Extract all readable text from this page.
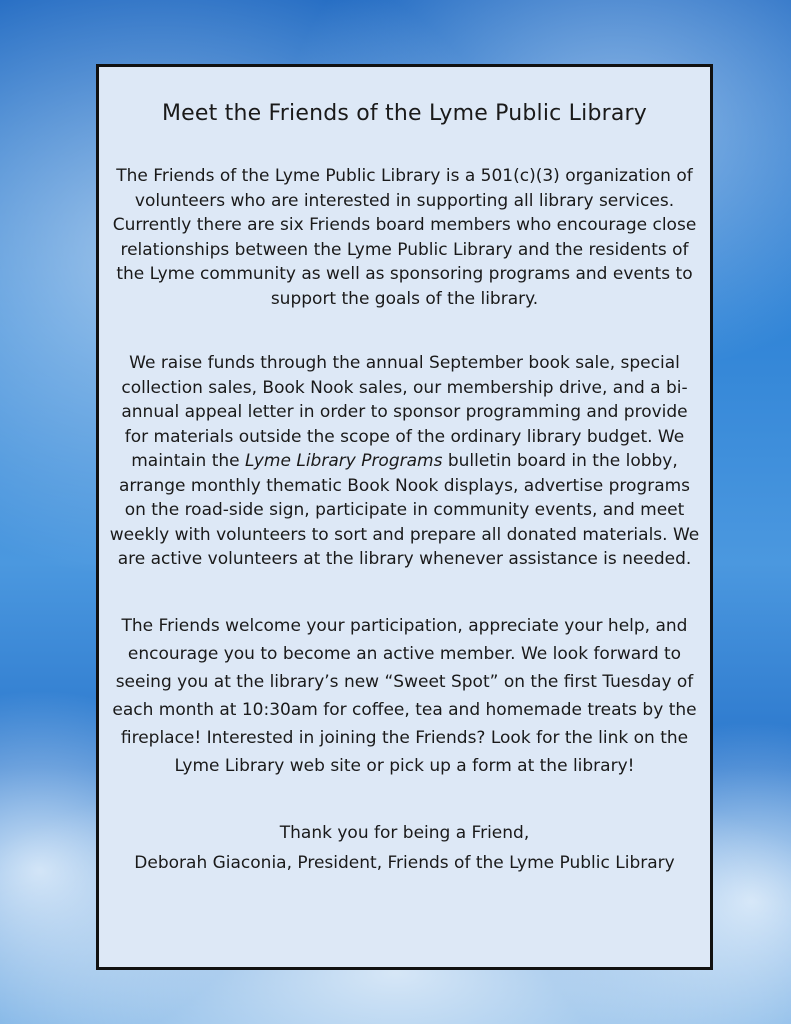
Meet the Friends of the Lyme Public Library

The Friends of the Lyme Public Library is a 501(c)(3) organization of volunteers who are interested in supporting all library services. Currently there are six Friends board members who encourage close relationships between the Lyme Public Library and the residents of the Lyme community as well as sponsoring programs and events to support the goals of the library.

We raise funds through the annual September book sale, special collection sales, Book Nook sales, our membership drive, and a bi-annual appeal letter in order to sponsor programming and provide for materials outside the scope of the ordinary library budget. We maintain the Lyme Library Programs bulletin board in the lobby, arrange monthly thematic Book Nook displays, advertise programs on the road-side sign, participate in community events, and meet weekly with volunteers to sort and prepare all donated materials. We are active volunteers at the library whenever assistance is needed.

The Friends welcome your participation, appreciate your help, and encourage you to become an active member. We look forward to seeing you at the library’s new “Sweet Spot” on the first Tuesday of each month at 10:30am for coffee, tea and homemade treats by the fireplace! Interested in joining the Friends? Look for the link on the Lyme Library web site or pick up a form at the library!

Thank you for being a Friend,

Deborah Giaconia, President, Friends of the Lyme Public Library
